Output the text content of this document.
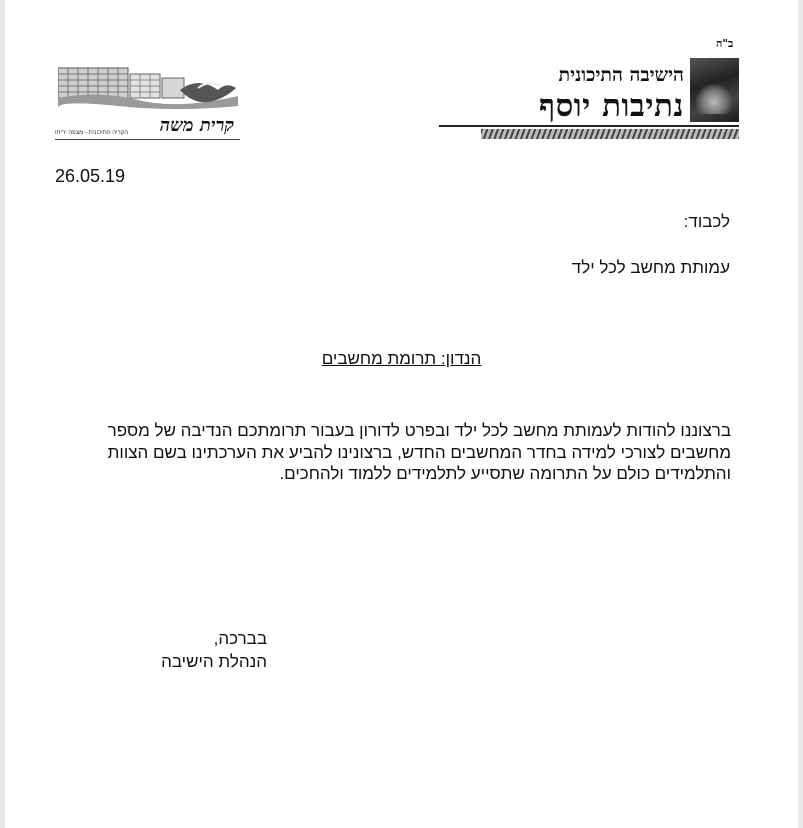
ב"ה
הישיבה התיכונית
נתיבות יוסף
קרית משה
הקריה התיכונית - מצפה יריחו
26.05.19
לכבוד:
עמותת מחשב לכל ילד
הנדון: תרומת מחשבים
ברצוננו להודות לעמותת מחשב לכל ילד ובפרט לדורון בעבור תרומתכם הנדיבה של מספר מחשבים לצורכי למידה בחדר המחשבים החדש, ברצונינו להביע את הערכתינו בשם הצוות והתלמידים כולם על התרומה שתסייע לתלמידים ללמוד ולהחכים.
בברכה,
הנהלת הישיבה
